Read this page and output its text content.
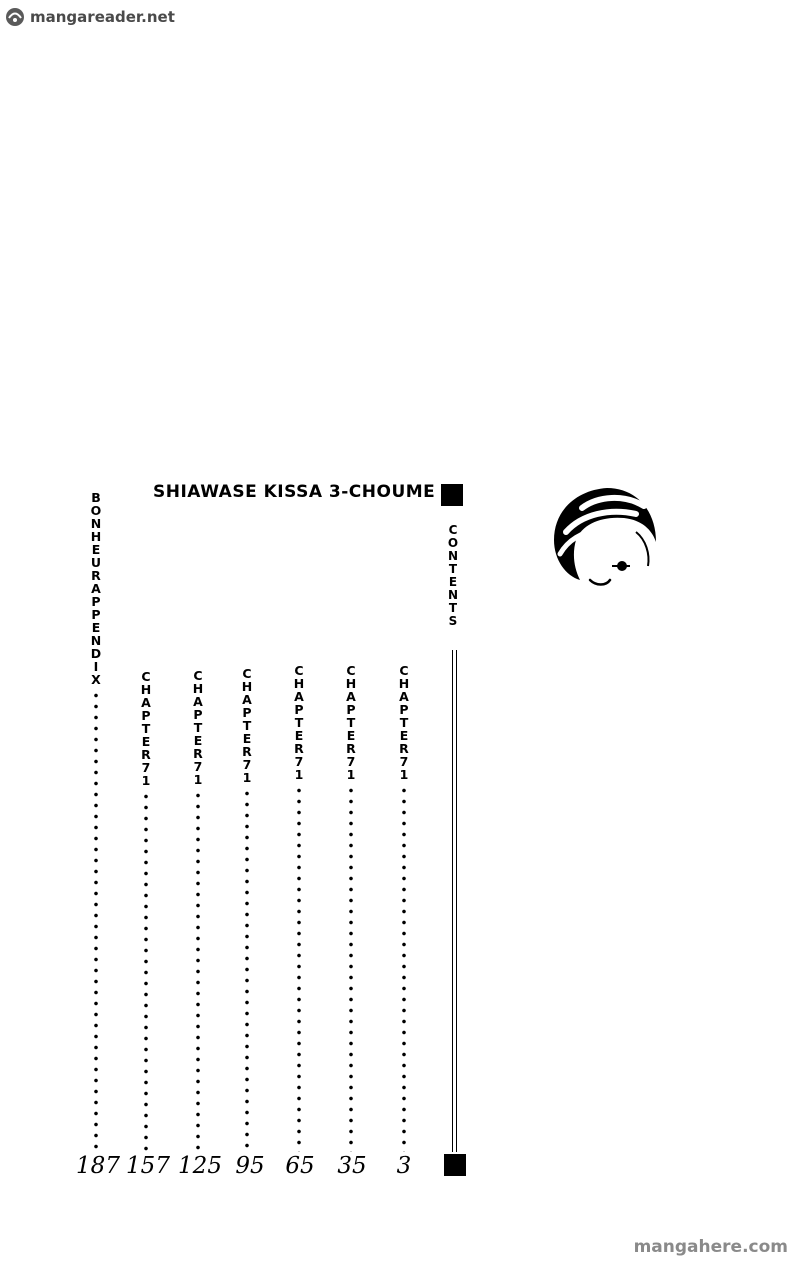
mangareader.net
SHIAWASE KISSA 3-CHOUME
CONTENTS
CHAPTER 71
CHAPTER 71
CHAPTER 71
CHAPTER 71
CHAPTER 71
CHAPTER 71
BONHEUR APPENDIX
3
35
65
95
125
157
187
mangahere.com
